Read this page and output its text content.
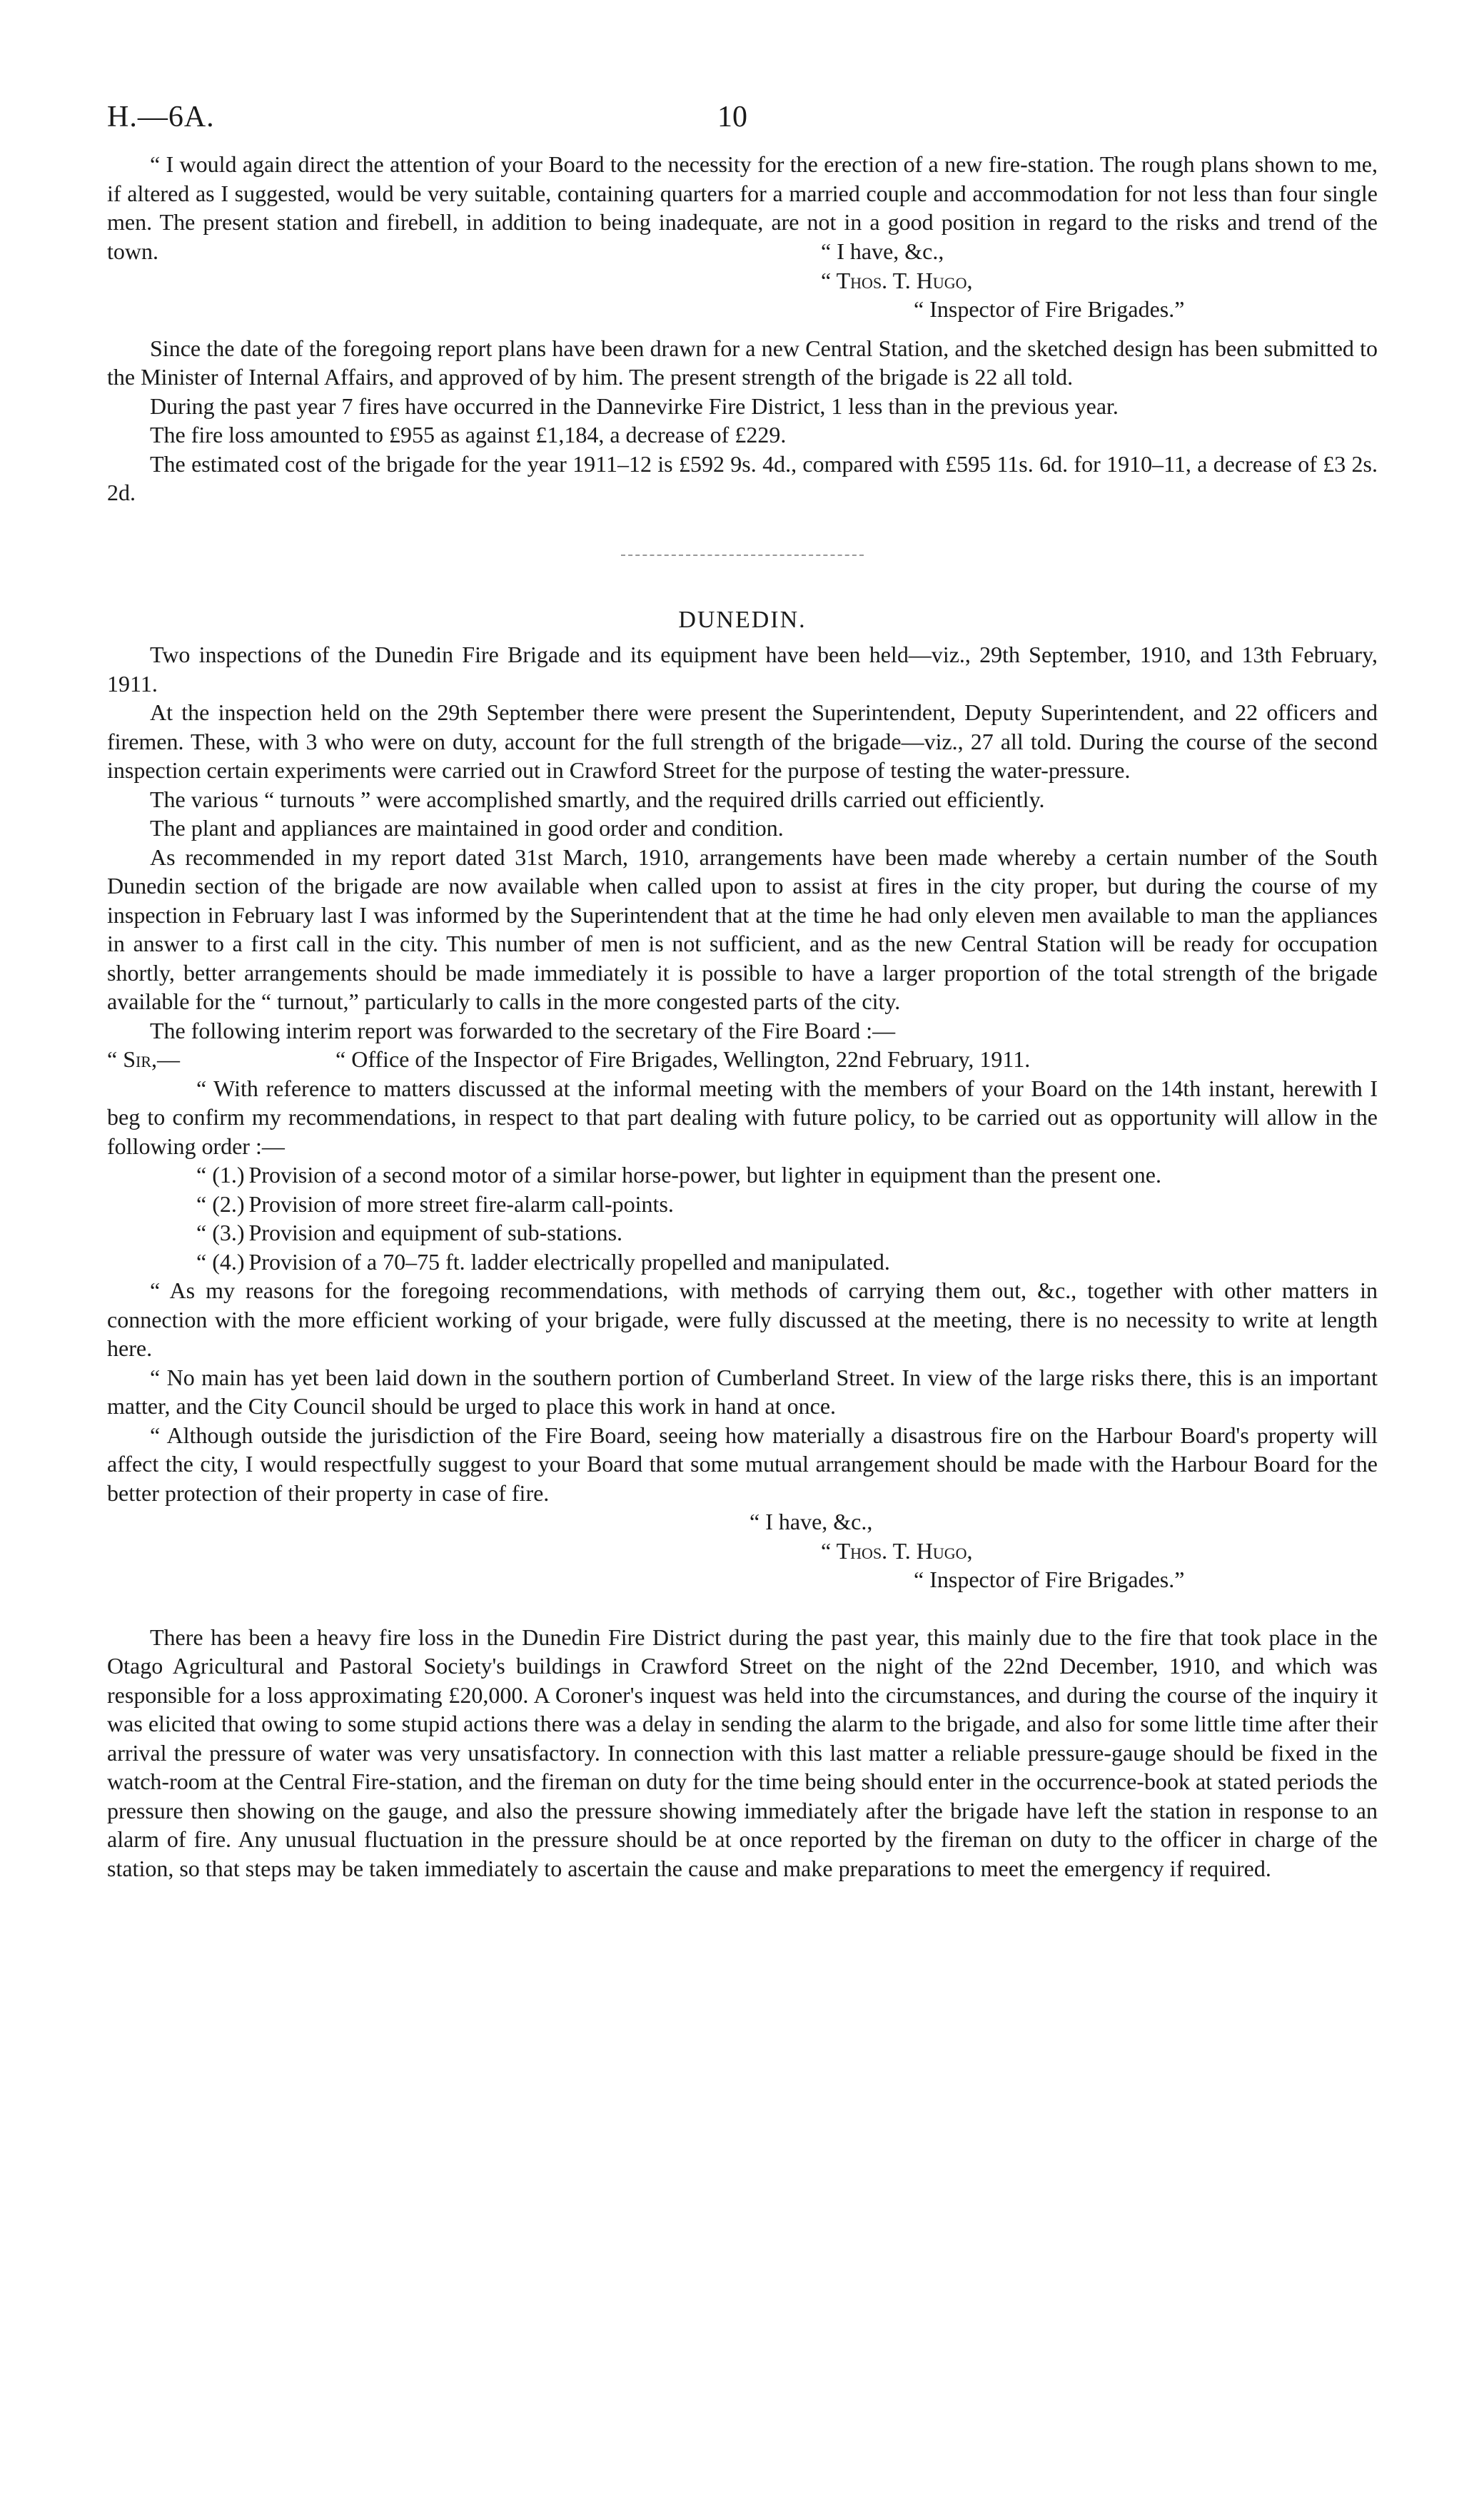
H.—6A.	10

“ I would again direct the attention of your Board to the necessity for the erection of a new fire-station. The rough plans shown to me, if altered as I suggested, would be very suitable, containing quarters for a married couple and accommodation for not less than four single men. The present station and firebell, in addition to being inadequate, are not in a good position in regard to the risks and trend of the town.	“ I have, &c.,
“ Thos. T. Hugo,
“ Inspector of Fire Brigades.”

Since the date of the foregoing report plans have been drawn for a new Central Station, and the sketched design has been submitted to the Minister of Internal Affairs, and approved of by him. The present strength of the brigade is 22 all told.

During the past year 7 fires have occurred in the Dannevirke Fire District, 1 less than in the previous year.

The fire loss amounted to £955 as against £1,184, a decrease of £229.

The estimated cost of the brigade for the year 1911–12 is £592 9s. 4d., compared with £595 11s. 6d. for 1910–11, a decrease of £3 2s. 2d.

DUNEDIN.

Two inspections of the Dunedin Fire Brigade and its equipment have been held—viz., 29th September, 1910, and 13th February, 1911.

At the inspection held on the 29th September there were present the Superintendent, Deputy Superintendent, and 22 officers and firemen. These, with 3 who were on duty, account for the full strength of the brigade—viz., 27 all told. During the course of the second inspection certain experiments were carried out in Crawford Street for the purpose of testing the water-pressure.

The various “ turnouts ” were accomplished smartly, and the required drills carried out efficiently.

The plant and appliances are maintained in good order and condition.

As recommended in my report dated 31st March, 1910, arrangements have been made whereby a certain number of the South Dunedin section of the brigade are now available when called upon to assist at fires in the city proper, but during the course of my inspection in February last I was informed by the Superintendent that at the time he had only eleven men available to man the appliances in answer to a first call in the city. This number of men is not sufficient, and as the new Central Station will be ready for occupation shortly, better arrangements should be made immediately it is possible to have a larger proportion of the total strength of the brigade available for the “ turnout,” particularly to calls in the more congested parts of the city.

The following interim report was forwarded to the secretary of the Fire Board :—

“ Sir,—	“ Office of the Inspector of Fire Brigades, Wellington, 22nd February, 1911.

“ With reference to matters discussed at the informal meeting with the members of your Board on the 14th instant, herewith I beg to confirm my recommendations, in respect to that part dealing with future policy, to be carried out as opportunity will allow in the following order :—

“ (1.) Provision of a second motor of a similar horse-power, but lighter in equipment than the present one.
“ (2.) Provision of more street fire-alarm call-points.
“ (3.) Provision and equipment of sub-stations.
“ (4.) Provision of a 70–75 ft. ladder electrically propelled and manipulated.

“ As my reasons for the foregoing recommendations, with methods of carrying them out, &c., together with other matters in connection with the more efficient working of your brigade, were fully discussed at the meeting, there is no necessity to write at length here.

“ No main has yet been laid down in the southern portion of Cumberland Street. In view of the large risks there, this is an important matter, and the City Council should be urged to place this work in hand at once.

“ Although outside the jurisdiction of the Fire Board, seeing how materially a disastrous fire on the Harbour Board's property will affect the city, I would respectfully suggest to your Board that some mutual arrangement should be made with the Harbour Board for the better protection of their property in case of fire.

“ I have, &c.,
“ Thos. T. Hugo,
“ Inspector of Fire Brigades.”

There has been a heavy fire loss in the Dunedin Fire District during the past year, this mainly due to the fire that took place in the Otago Agricultural and Pastoral Society's buildings in Crawford Street on the night of the 22nd December, 1910, and which was responsible for a loss approximating £20,000. A Coroner's inquest was held into the circumstances, and during the course of the inquiry it was elicited that owing to some stupid actions there was a delay in sending the alarm to the brigade, and also for some little time after their arrival the pressure of water was very unsatisfactory. In connection with this last matter a reliable pressure-gauge should be fixed in the watch-room at the Central Fire-station, and the fireman on duty for the time being should enter in the occurrence-book at stated periods the pressure then showing on the gauge, and also the pressure showing immediately after the brigade have left the station in response to an alarm of fire. Any unusual fluctuation in the pressure should be at once reported by the fireman on duty to the officer in charge of the station, so that steps may be taken immediately to ascertain the cause and make preparations to meet the emergency if required.
